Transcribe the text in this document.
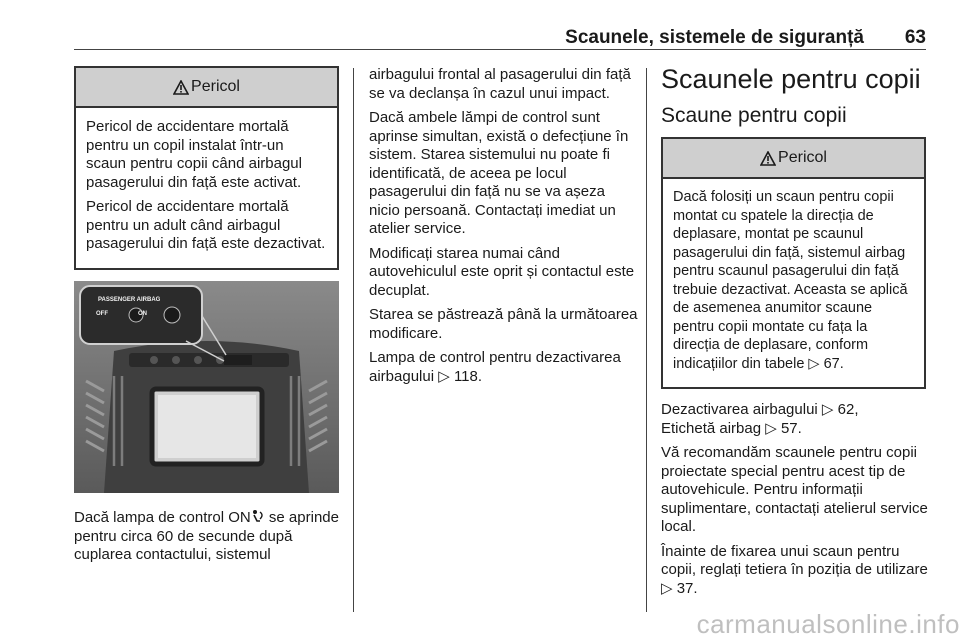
Scaunele, sistemele de siguranță 63
Pericol

Pericol de accidentare mortală pentru un copil instalat într-un scaun pentru copii când airbagul pasagerului din față este activat.

Pericol de accidentare mortală pentru un adult când airbagul pasagerului din față este dezactivat.

PASSENGER AIRBAG
OFF	ON

Dacă lampa de control ON se aprinde pentru circa 60 de secunde după cuplarea contactului, sistemul

airbagului frontal al pasagerului din față se va declanșa în cazul unui impact.

Dacă ambele lămpi de control sunt aprinse simultan, există o defecțiune în sistem. Starea sistemului nu poate fi identificată, de aceea pe locul pasagerului din față nu se va așeza nicio persoană. Contactați imediat un atelier service.

Modificați starea numai când autovehiculul este oprit și contactul este decuplat.

Starea se păstrează până la următoarea modificare.

Lampa de control pentru dezactivarea airbagului ▷ 118.

Scaunele pentru copii
Scaune pentru copii
Pericol

Dacă folosiți un scaun pentru copii montat cu spatele la direcția de deplasare, montat pe scaunul pasagerului din față, sistemul airbag pentru scaunul pasagerului din față trebuie dezactivat. Aceasta se aplică de asemenea anumitor scaune pentru copii montate cu fața la direcția de deplasare, conform indicațiilor din tabele ▷ 67.

Dezactivarea airbagului ▷ 62,
Etichetă airbag ▷ 57.

Vă recomandăm scaunele pentru copii proiectate special pentru acest tip de autovehicule. Pentru informații suplimentare, contactați atelierul service local.

Înainte de fixarea unui scaun pentru copii, reglați tetiera în poziția de utilizare ▷ 37.

carmanualsonline.info
